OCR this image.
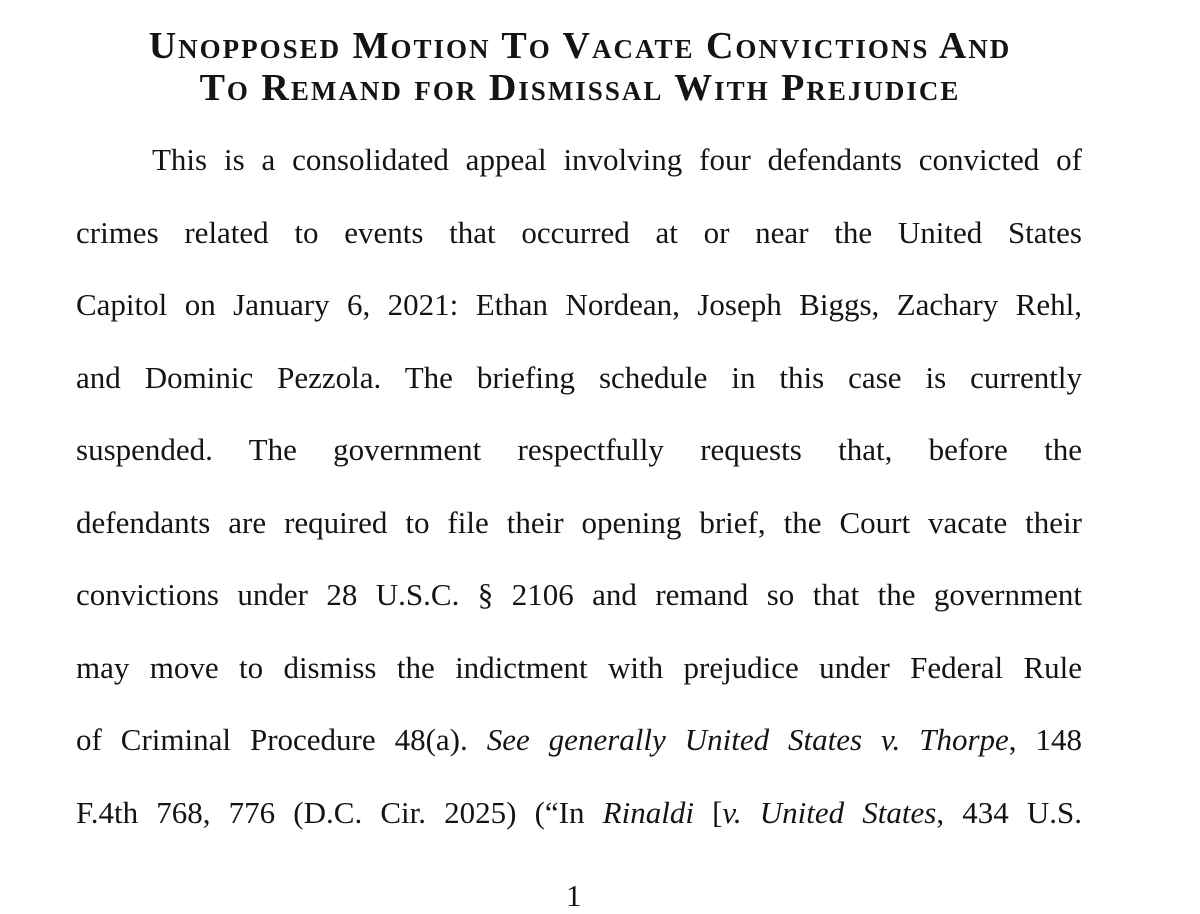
Unopposed Motion To Vacate Convictions And
To Remand for Dismissal With Prejudice
This is a consolidated appeal involving four defendants convicted of
crimes related to events that occurred at or near the United States
Capitol on January 6, 2021: Ethan Nordean, Joseph Biggs, Zachary Rehl,
and Dominic Pezzola. The briefing schedule in this case is currently
suspended. The government respectfully requests that, before the
defendants are required to file their opening brief, the Court vacate their
convictions under 28 U.S.C. § 2106 and remand so that the government
may move to dismiss the indictment with prejudice under Federal Rule
of Criminal Procedure 48(a). See generally United States v. Thorpe, 148
F.4th 768, 776 (D.C. Cir. 2025) (“In Rinaldi [v. United States, 434 U.S.
1
